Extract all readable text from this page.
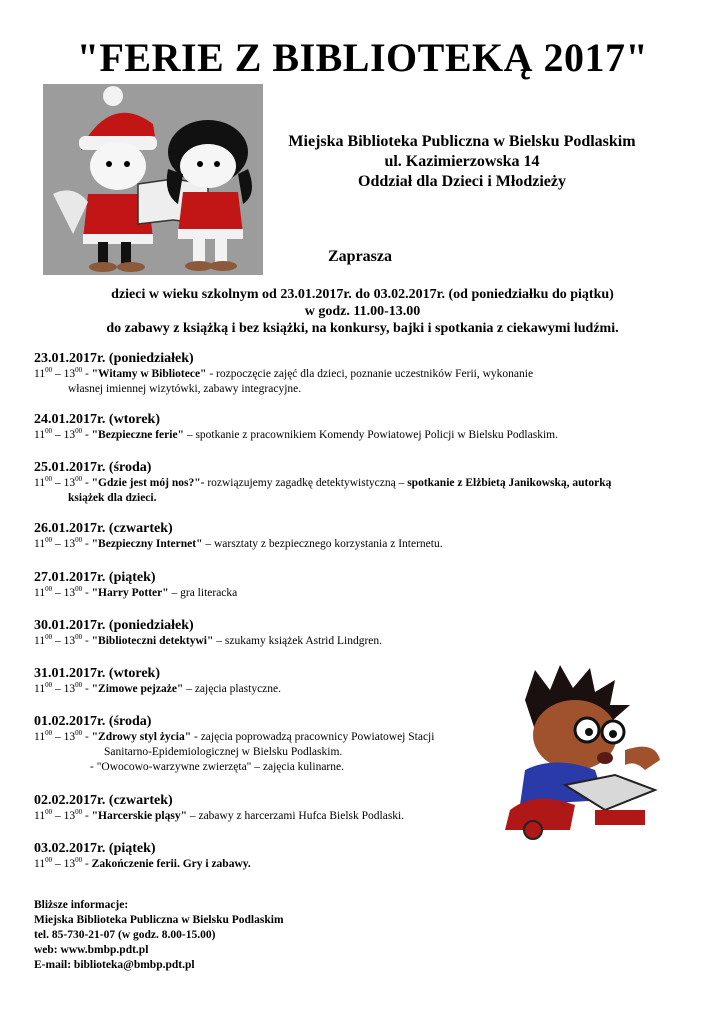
"FERIE Z BIBLIOTEKĄ 2017"
Miejska Biblioteka Publiczna w Bielsku Podlaskim
ul. Kazimierzowska 14
Oddział dla Dzieci i Młodzieży
Zaprasza
dzieci w wieku szkolnym od 23.01.2017r. do 03.02.2017r. (od poniedziałku do piątku)
w godz. 11.00-13.00
do zabawy z książką i bez książki, na konkursy, bajki i spotkania z ciekawymi ludźmi.
23.01.2017r. (poniedziałek)
$11^{00} - 13^{00}$ - "Witamy w Bibliotece" - rozpoczęcie zajęć dla dzieci, poznanie uczestników Ferii, wykonanie
własnej imiennej wizytówki, zabawy integracyjne.
24.01.2017r. (wtorek)
$11^{00} - 13^{00}$ - "Bezpieczne ferie" – spotkanie z pracownikiem Komendy Powiatowej Policji w Bielsku Podlaskim.
25.01.2017r. (środa)
$11^{00} - 13^{00}$ - "Gdzie jest mój nos?"- rozwiązujemy zagadkę detektywistyczną – spotkanie z Elżbietą Janikowską, autorką
książek dla dzieci.
26.01.2017r. (czwartek)
$11^{00} - 13^{00}$ - "Bezpieczny Internet" – warsztaty z bezpiecznego korzystania z Internetu.
27.01.2017r. (piątek)
$11^{00} - 13^{00}$ - "Harry Potter" – gra literacka
30.01.2017r. (poniedziałek)
$11^{00} - 13^{00}$ - "Biblioteczni detektywi" – szukamy książek Astrid Lindgren.
31.01.2017r. (wtorek)
$11^{00} - 13^{00}$ - "Zimowe pejzaże" – zajęcia plastyczne.
01.02.2017r. (środa)
$11^{00} - 13^{00}$ - "Zdrowy styl życia" - zajęcia poprowadzą pracownicy Powiatowej Stacji
Sanitarno-Epidemiologicznej w Bielsku Podlaskim.
- "Owocowo-warzywne zwierzęta" – zajęcia kulinarne.
02.02.2017r. (czwartek)
$11^{00} - 13^{00}$ - "Harcerskie pląsy" – zabawy z harcerzami Hufca Bielsk Podlaski.
03.02.2017r. (piątek)
$11^{00} - 13^{00}$ - Zakończenie ferii. Gry i zabawy.
Bliższe informacje:
Miejska Biblioteka Publiczna w Bielsku Podlaskim
tel. 85-730-21-07 (w godz. 8.00-15.00)
web: www.bmbp.pdt.pl
E-mail: biblioteka@bmbp.pdt.pl
